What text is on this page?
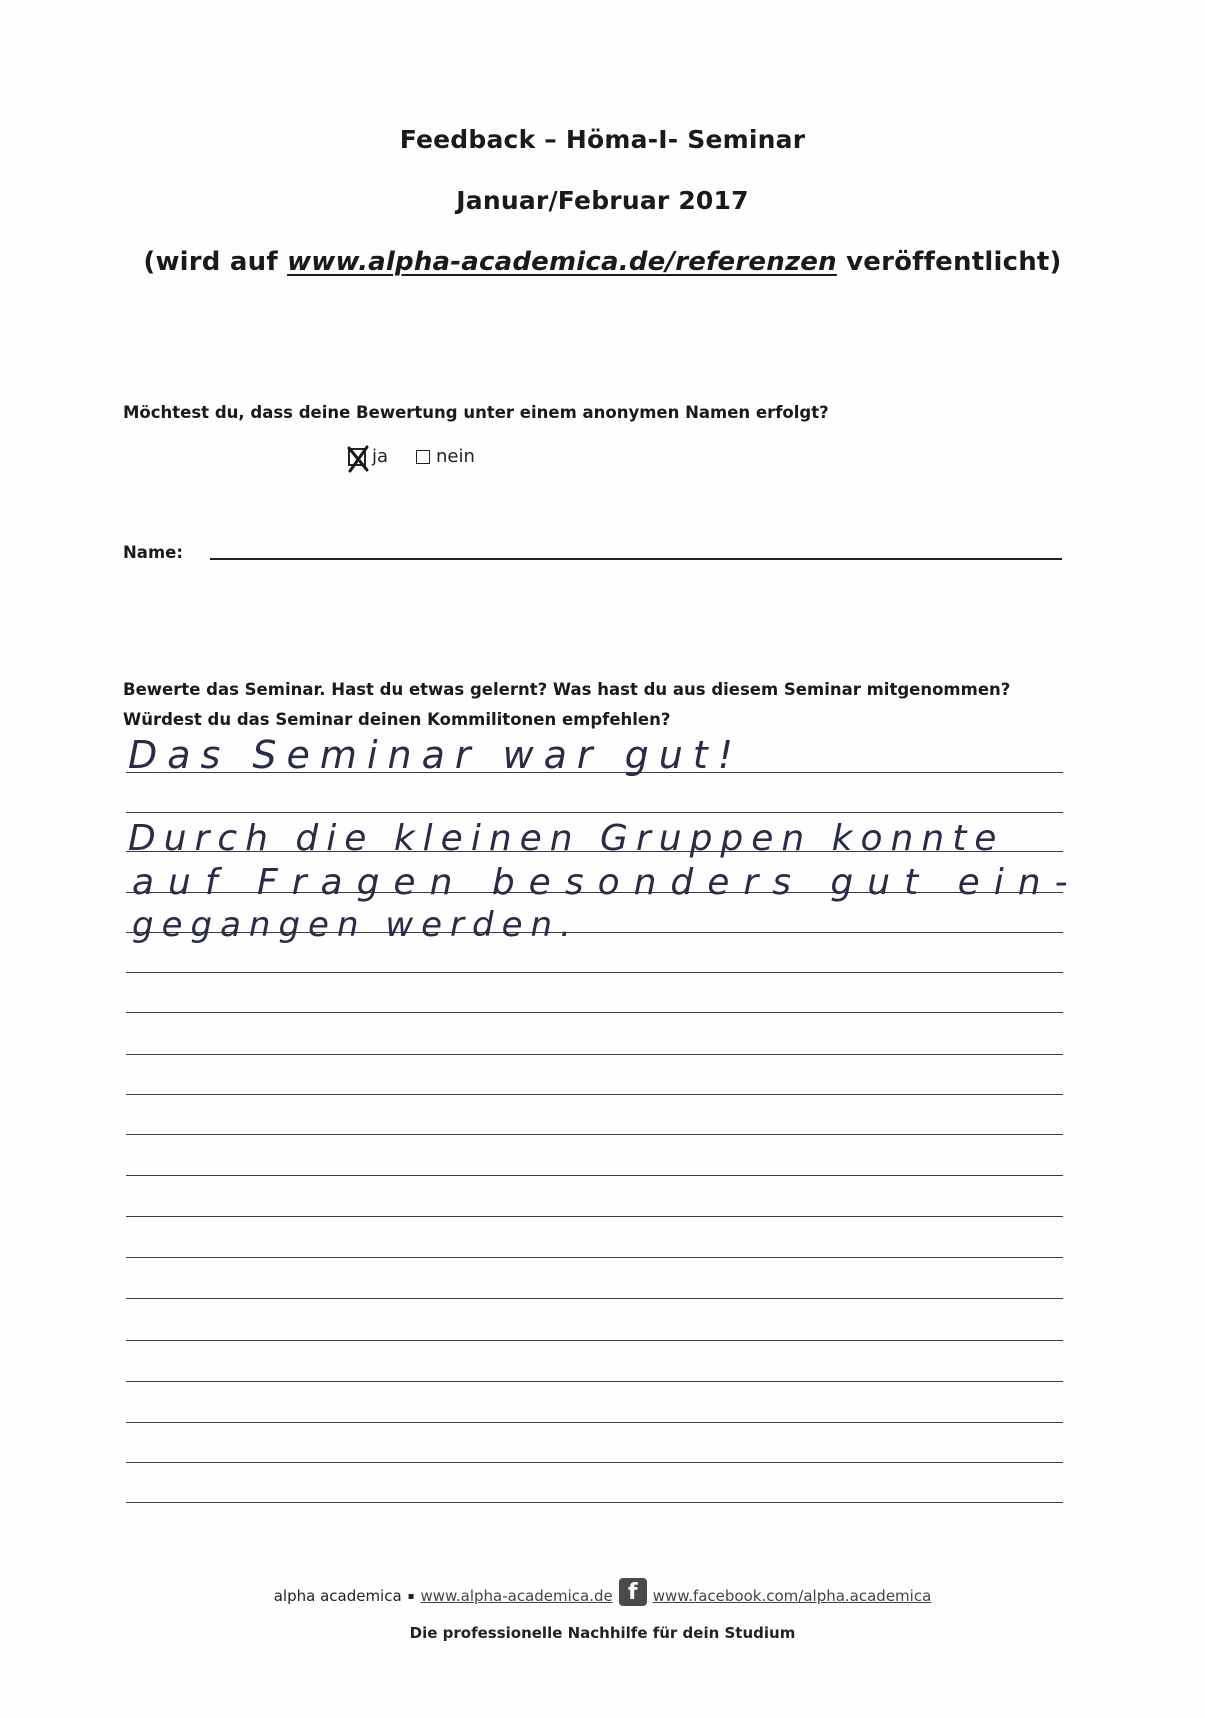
Feedback – Höma-I- Seminar
Januar/Februar 2017
(wird auf www.alpha-academica.de/referenzen veröffentlicht)
Möchtest du, dass deine Bewertung unter einem anonymen Namen erfolgt?
ja	nein
Name:
Bewerte das Seminar. Hast du etwas gelernt? Was hast du aus diesem Seminar mitgenommen?
Würdest du das Seminar deinen Kommilitonen empfehlen?
Das Seminar war gut!
Durch die kleinen Gruppen konnte
auf Fragen besonders gut ein-
gegangen werden.
alpha academica ▪ www.alpha-academica.de f	www.facebook.com/alpha.academica
Die professionelle Nachhilfe für dein Studium
